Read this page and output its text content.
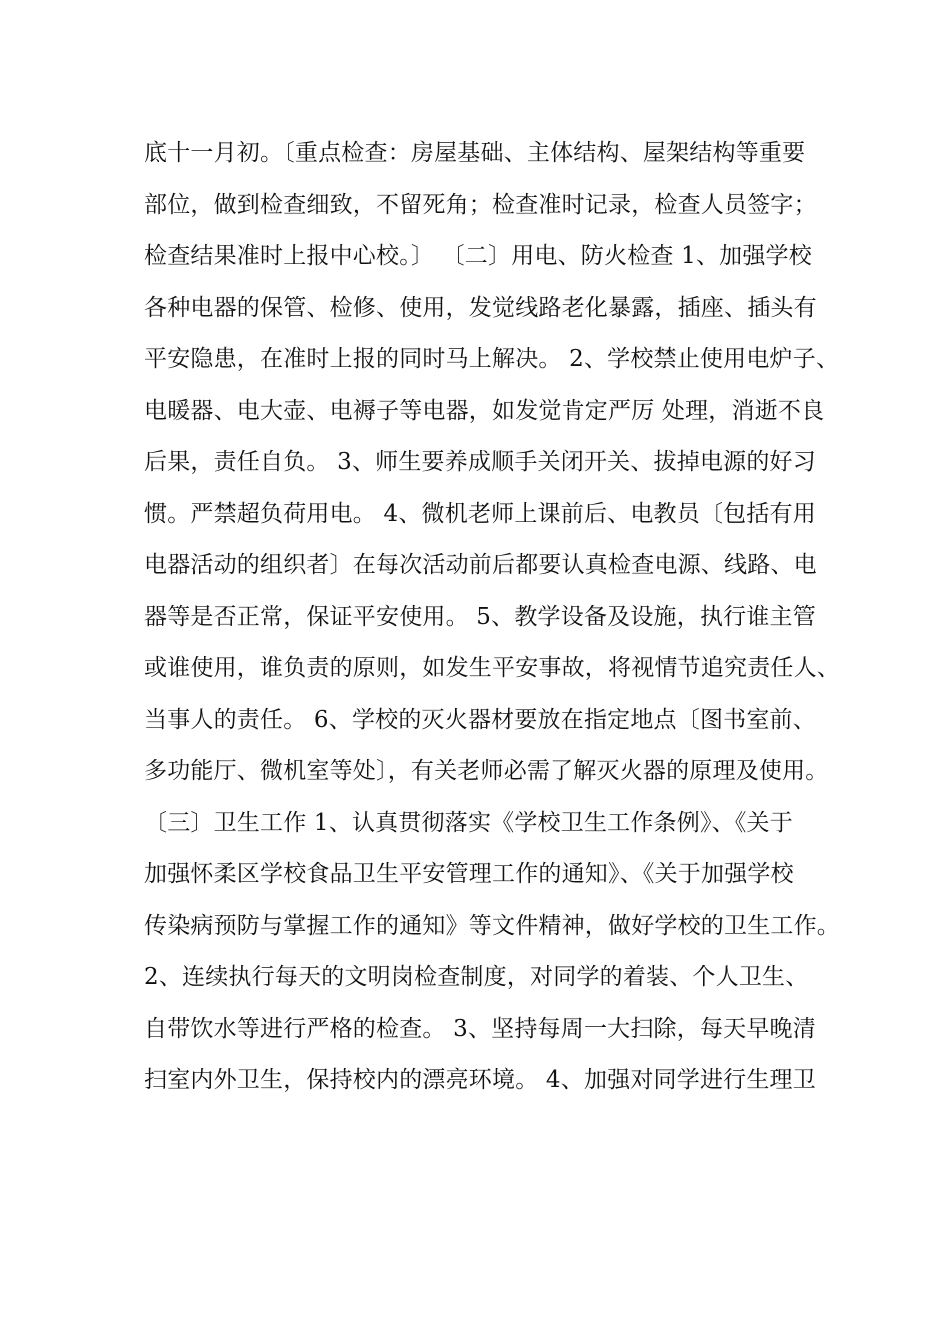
底十一月初。〔重点检查：房屋基础、主体结构、屋架结构等重要
部位，做到检查细致，不留死角；检查准时记录，检查人员签字；
检查结果准时上报中心校。〕 〔二〕用电、防火检查 1、加强学校
各种电器的保管、检修、使用，发觉线路老化暴露，插座、插头有
平安隐患，在准时上报的同时马上解决。 2、学校禁止使用电炉子、
电暖器、电大壶、电褥子等电器，如发觉肯定严厉 处理，消逝不良
后果，责任自负。 3、师生要养成顺手关闭开关、拔掉电源的好习
惯。严禁超负荷用电。 4、微机老师上课前后、电教员〔包括有用
电器活动的组织者〕在每次活动前后都要认真检查电源、线路、电
器等是否正常，保证平安使用。 5、教学设备及设施，执行谁主管
或谁使用，谁负责的原则，如发生平安事故，将视情节追究责任人、
当事人的责任。 6、学校的灭火器材要放在指定地点〔图书室前、
多功能厅、微机室等处〕，有关老师必需了解灭火器的原理及使用。
〔三〕卫生工作 1、认真贯彻落实《学校卫生工作条例》、《关于
加强怀柔区学校食品卫生平安管理工作的通知》、《关于加强学校
传染病预防与掌握工作的通知》等文件精神，做好学校的卫生工作。
2、连续执行每天的文明岗检查制度，对同学的着装、个人卫生、
自带饮水等进行严格的检查。 3、坚持每周一大扫除，每天早晚清
扫室内外卫生，保持校内的漂亮环境。 4、加强对同学进行生理卫
